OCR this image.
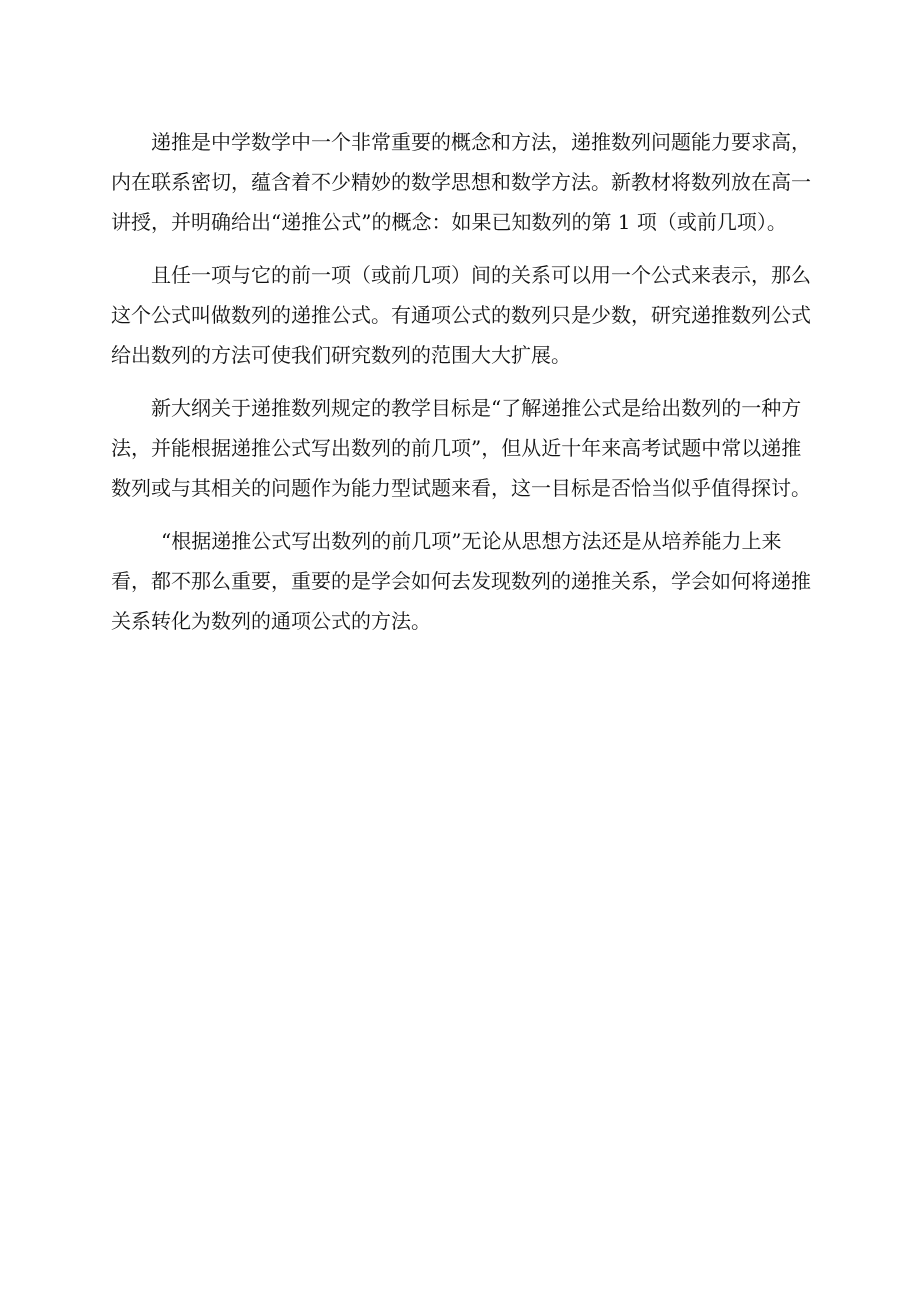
递推是中学数学中一个非常重要的概念和方法，递推数列问题能力要求高，
内在联系密切，蕴含着不少精妙的数学思想和数学方法。新教材将数列放在高一
讲授，并明确给出“递推公式”的概念：如果已知数列的第 1 项（或前几项）。

且任一项与它的前一项（或前几项）间的关系可以用一个公式来表示，那么
这个公式叫做数列的递推公式。有通项公式的数列只是少数，研究递推数列公式
给出数列的方法可使我们研究数列的范围大大扩展。

新大纲关于递推数列规定的教学目标是“了解递推公式是给出数列的一种方
法，并能根据递推公式写出数列的前几项”，但从近十年来高考试题中常以递推
数列或与其相关的问题作为能力型试题来看，这一目标是否恰当似乎值得探讨。

“根据递推公式写出数列的前几项”无论从思想方法还是从培养能力上来
看，都不那么重要，重要的是学会如何去发现数列的递推关系，学会如何将递推
关系转化为数列的通项公式的方法。
